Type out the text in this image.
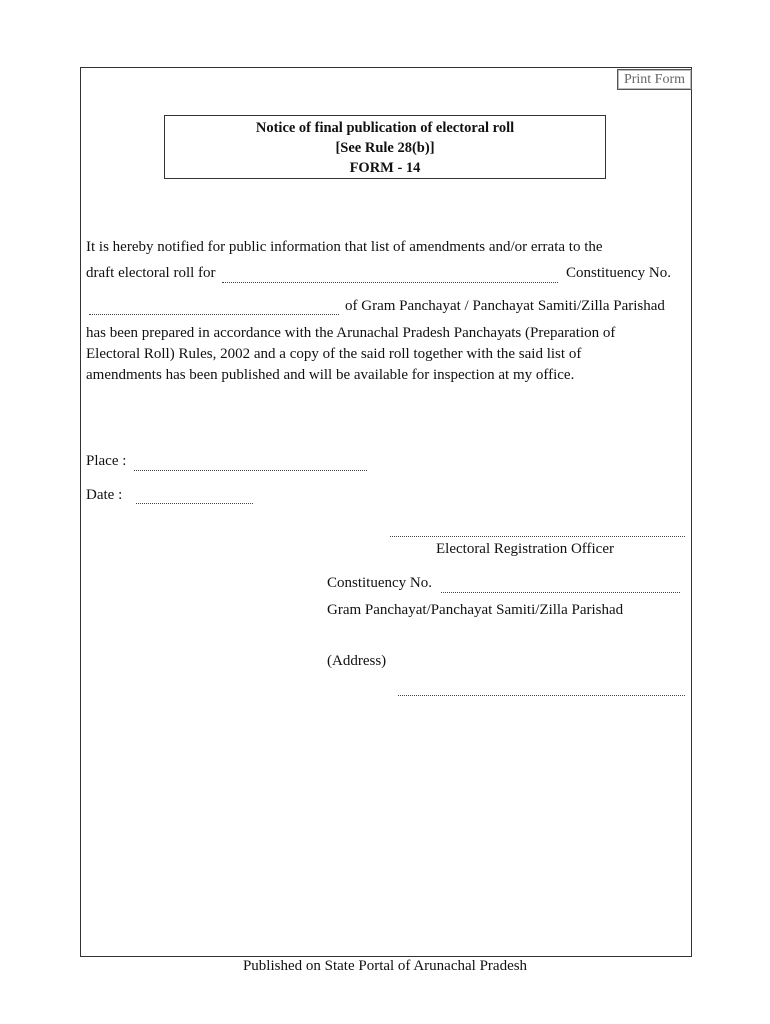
Print Form
Notice of final publication of electoral roll
[See Rule 28(b)]
FORM - 14
It is hereby notified for public information that list of amendments and/or errata to the
draft electoral roll for	Constituency No.
of Gram Panchayat / Panchayat Samiti/Zilla Parishad
has been prepared in accordance with the Arunachal Pradesh Panchayats (Preparation of
Electoral Roll) Rules, 2002 and a copy of the said roll together with the said list of
amendments has been published and will be available for inspection at my office.
Place :
Date :
Electoral Registration Officer
Constituency No.
Gram Panchayat/Panchayat Samiti/Zilla Parishad
(Address)
Published on State Portal of Arunachal Pradesh
